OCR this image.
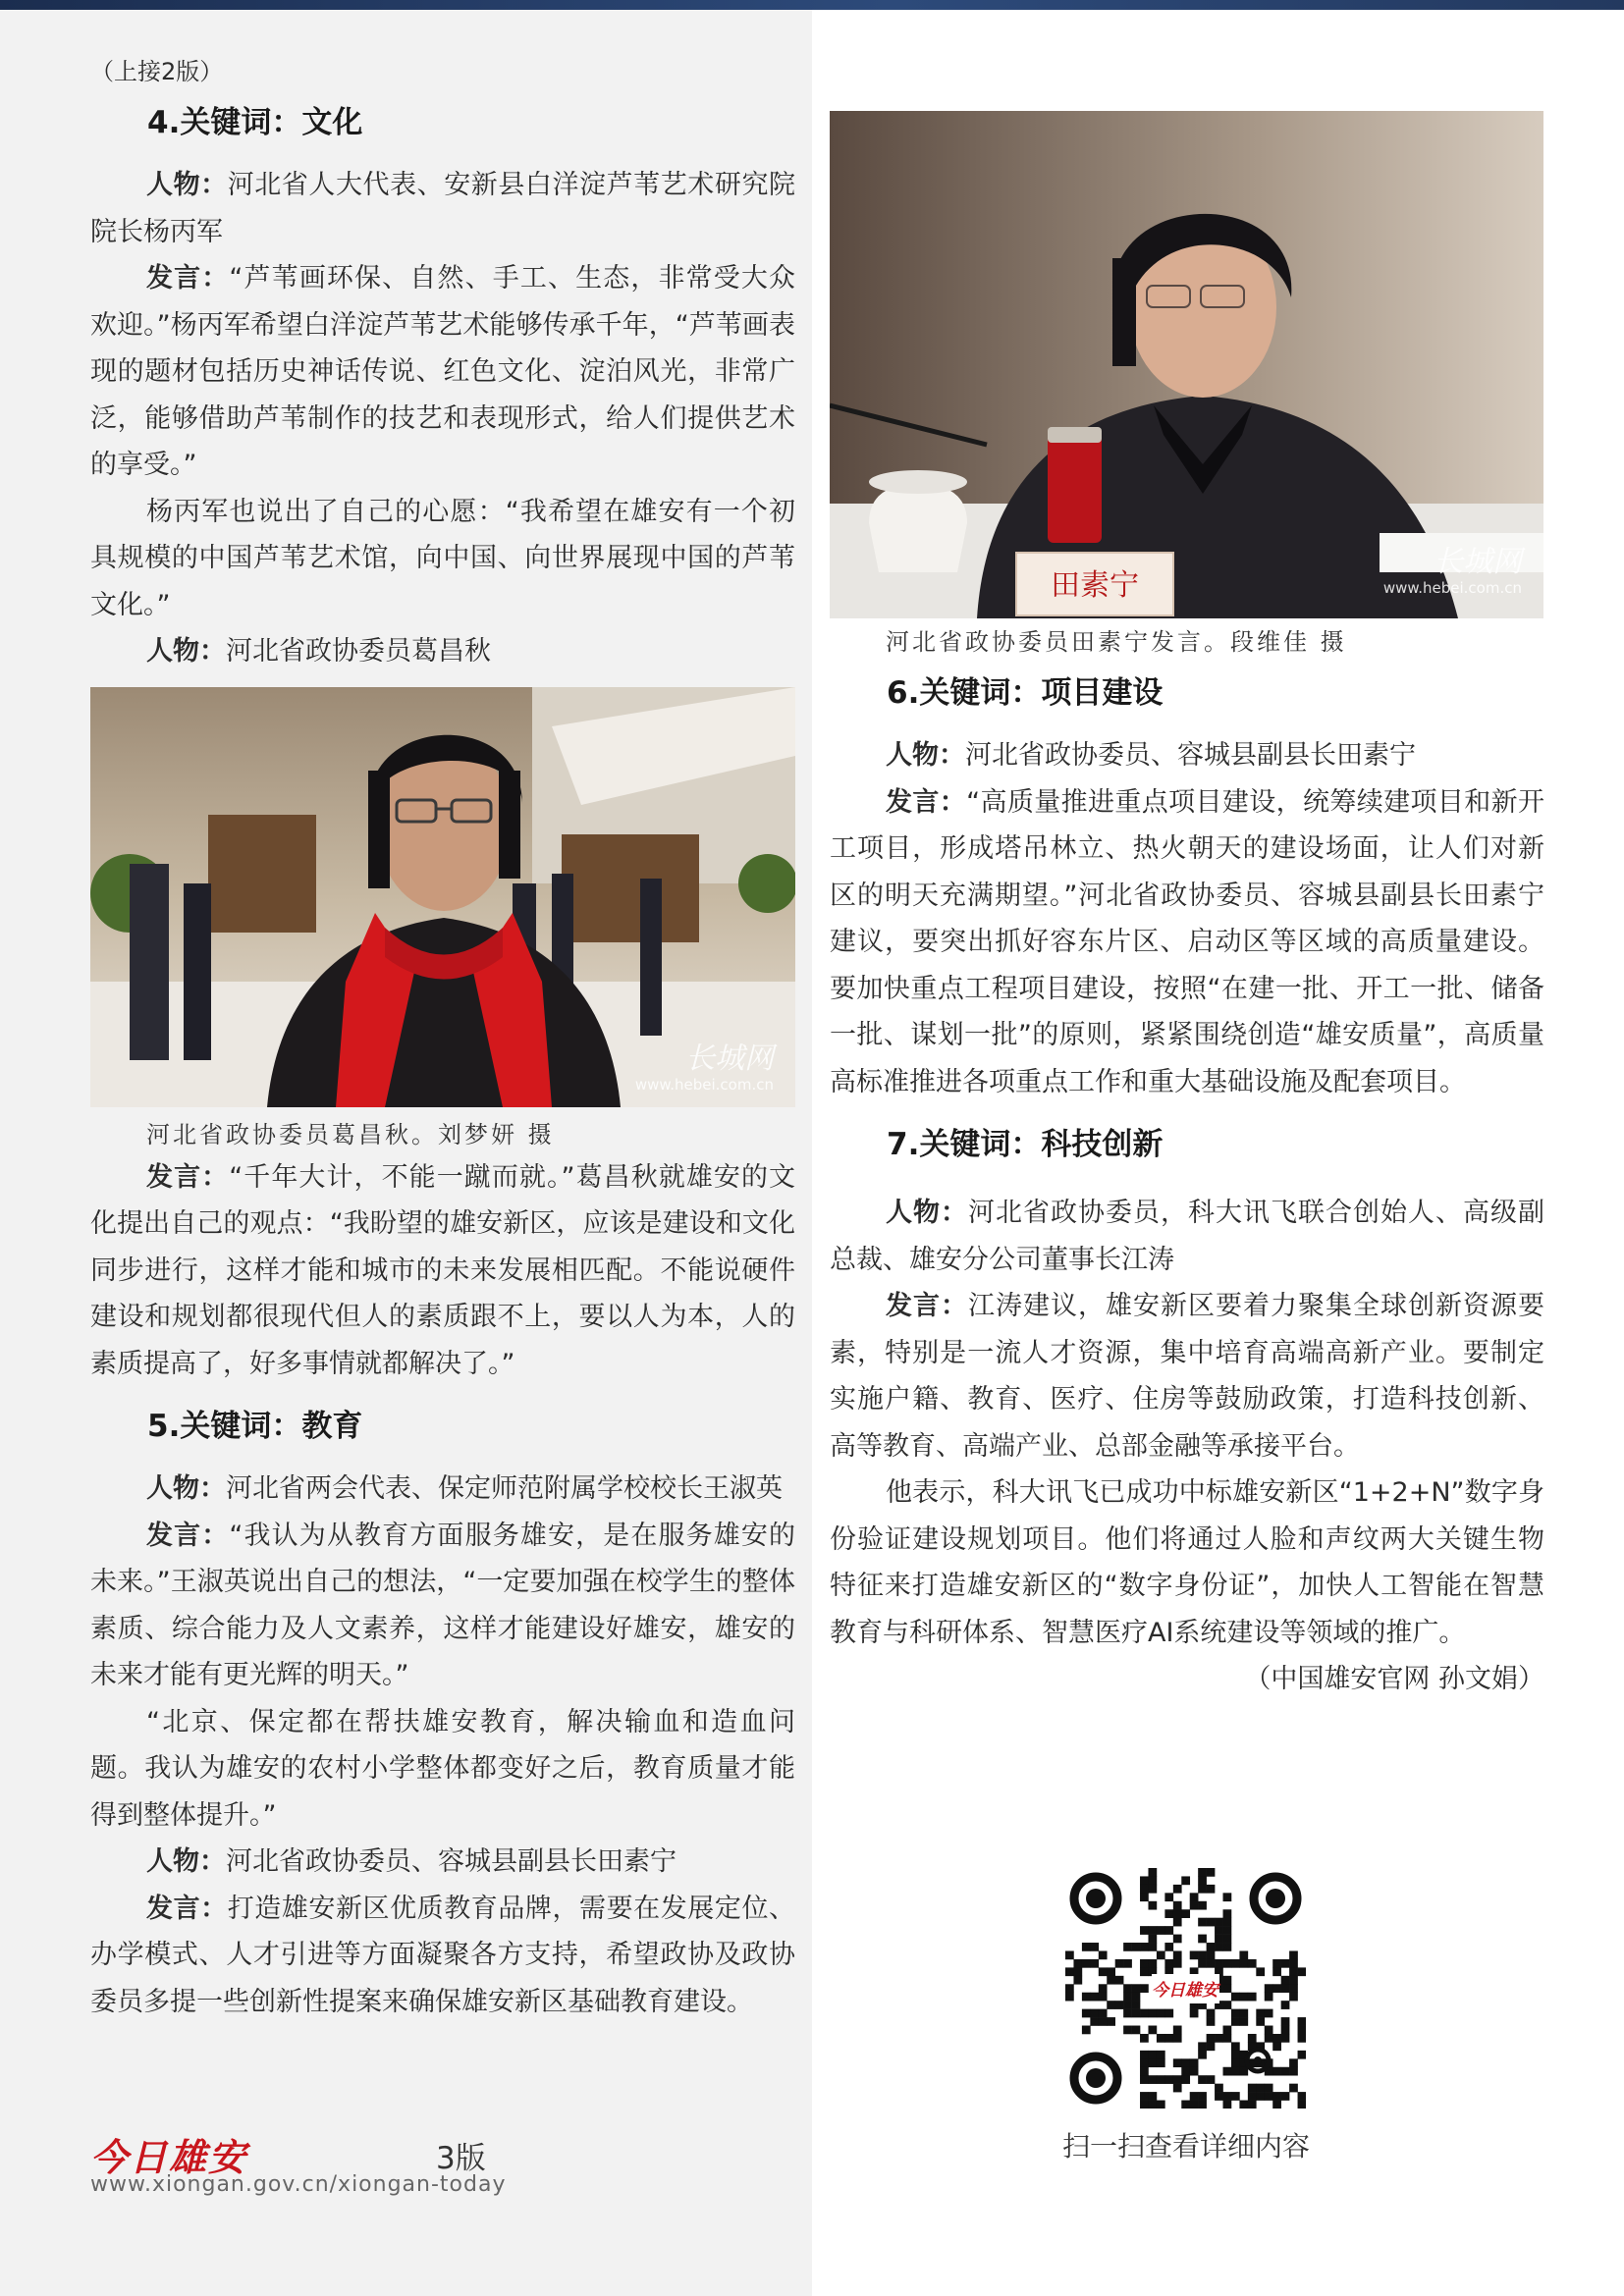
（上接2版）

4.关键词：文化

人物：河北省人大代表、安新县白洋淀芦苇艺术研究院院长杨丙军

发言：“芦苇画环保、自然、手工、生态，非常受大众欢迎。”杨丙军希望白洋淀芦苇艺术能够传承千年，“芦苇画表现的题材包括历史神话传说、红色文化、淀泊风光，非常广泛，能够借助芦苇制作的技艺和表现形式，给人们提供艺术的享受。”

杨丙军也说出了自己的心愿：“我希望在雄安有一个初具规模的中国芦苇艺术馆，向中国、向世界展现中国的芦苇文化。”

人物：河北省政协委员葛昌秋

长城网
www.hebei.com.cn

河北省政协委员葛昌秋。刘梦妍 摄

发言：“千年大计，不能一蹴而就。”葛昌秋就雄安的文化提出自己的观点：“我盼望的雄安新区，应该是建设和文化同步进行，这样才能和城市的未来发展相匹配。不能说硬件建设和规划都很现代但人的素质跟不上，要以人为本，人的素质提高了，好多事情就都解决了。”

5.关键词：教育

人物：河北省两会代表、保定师范附属学校校长王淑英

发言：“我认为从教育方面服务雄安，是在服务雄安的未来。”王淑英说出自己的想法，“一定要加强在校学生的整体素质、综合能力及人文素养，这样才能建设好雄安，雄安的未来才能有更光辉的明天。”

“北京、保定都在帮扶雄安教育，解决输血和造血问题。我认为雄安的农村小学整体都变好之后，教育质量才能得到整体提升。”

人物：河北省政协委员、容城县副县长田素宁

发言：打造雄安新区优质教育品牌，需要在发展定位、办学模式、人才引进等方面凝聚各方支持，希望政协及政协委员多提一些创新性提案来确保雄安新区基础教育建设。

田素宁
长城网
www.hebei.com.cn

河北省政协委员田素宁发言。段维佳 摄

6.关键词：项目建设

人物：河北省政协委员、容城县副县长田素宁

发言：“高质量推进重点项目建设，统筹续建项目和新开工项目，形成塔吊林立、热火朝天的建设场面，让人们对新区的明天充满期望。”河北省政协委员、容城县副县长田素宁建议，要突出抓好容东片区、启动区等区域的高质量建设。要加快重点工程项目建设，按照“在建一批、开工一批、储备一批、谋划一批”的原则，紧紧围绕创造“雄安质量”，高质量高标准推进各项重点工作和重大基础设施及配套项目。

7.关键词：科技创新

人物：河北省政协委员，科大讯飞联合创始人、高级副总裁、雄安分公司董事长江涛

发言：江涛建议，雄安新区要着力聚集全球创新资源要素，特别是一流人才资源，集中培育高端高新产业。要制定实施户籍、教育、医疗、住房等鼓励政策，打造科技创新、高等教育、高端产业、总部金融等承接平台。

他表示，科大讯飞已成功中标雄安新区“1+2+N”数字身份验证建设规划项目。他们将通过人脸和声纹两大关键生物特征来打造雄安新区的“数字身份证”，加快人工智能在智慧教育与科研体系、智慧医疗AI系统建设等领域的推广。

（中国雄安官网 孙文娟）

今日雄安
扫一扫查看详细内容
今日雄安	3版
www.xiongan.gov.cn/xiongan-today
